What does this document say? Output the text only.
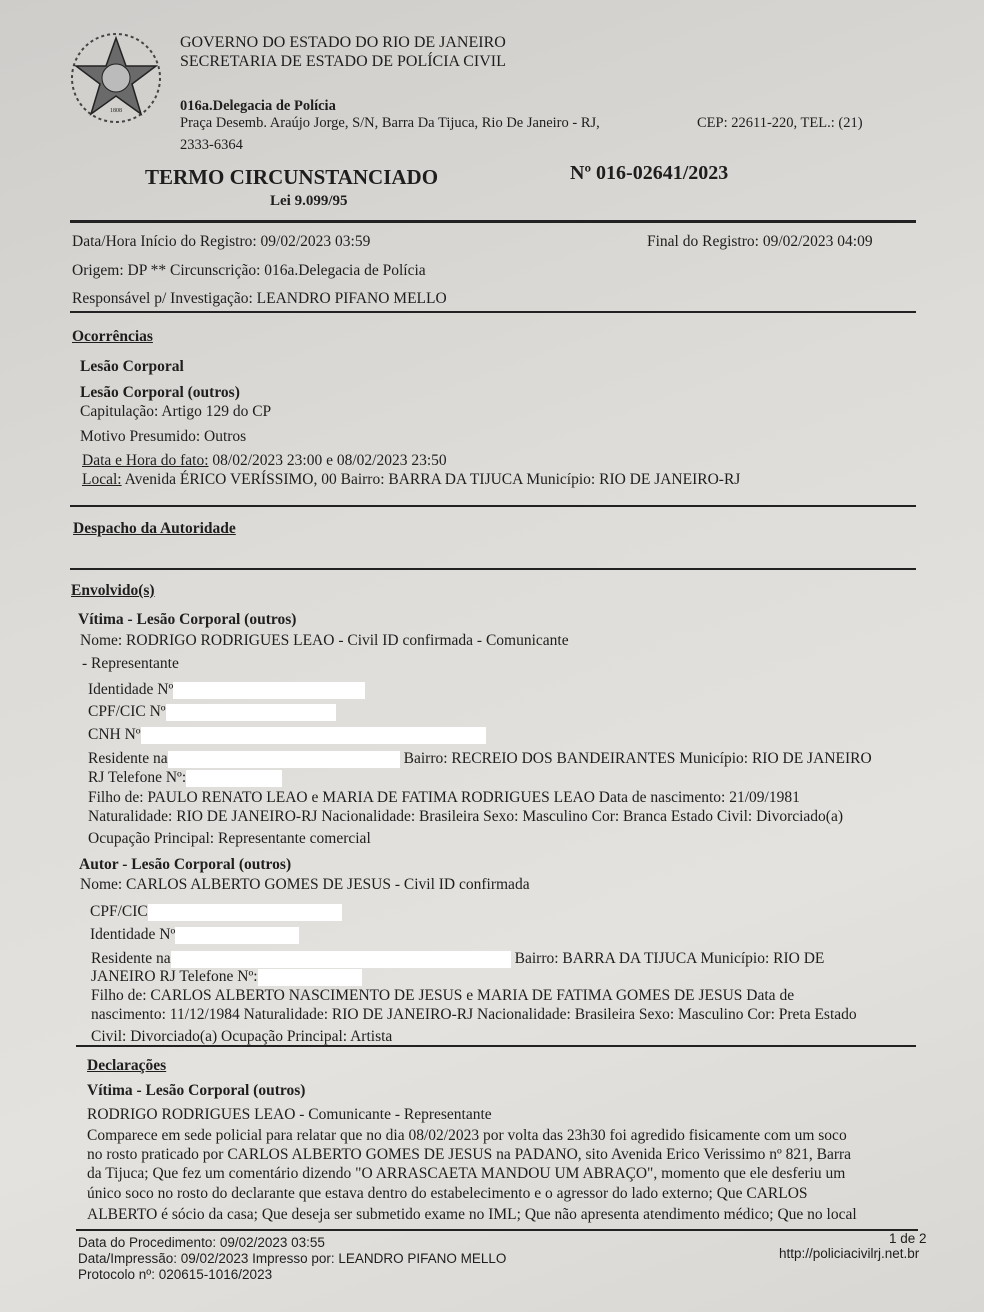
1808
GOVERNO DO ESTADO DO RIO DE JANEIRO
SECRETARIA DE ESTADO DE POLÍCIA CIVIL
016a.Delegacia de Polícia
Praça Desemb. Araújo Jorge, S/N, Barra Da Tijuca, Rio De Janeiro - RJ,	CEP: 22611-220, TEL.: (21)
2333-6364
TERMO CIRCUNSTANCIADO
Lei 9.099/95
Nº 016-02641/2023
Data/Hora Início do Registro: 09/02/2023 03:59	Final do Registro: 09/02/2023 04:09
Origem: DP ** Circunscrição: 016a.Delegacia de Polícia
Responsável p/ Investigação: LEANDRO PIFANO MELLO
Ocorrências
Lesão Corporal
Lesão Corporal (outros)
Capitulação: Artigo 129 do CP
Motivo Presumido: Outros
Data e Hora do fato: 08/02/2023 23:00 e 08/02/2023 23:50
Local: Avenida ÉRICO VERÍSSIMO, 00 Bairro: BARRA DA TIJUCA Município: RIO DE JANEIRO-RJ
Despacho da Autoridade
Envolvido(s)
Vítima - Lesão Corporal (outros)
Nome: RODRIGO RODRIGUES LEAO - Civil ID confirmada - Comunicante
- Representante
Identidade Nº
CPF/CIC Nº
CNH Nº
Residente na	Bairro: RECREIO DOS BANDEIRANTES Município: RIO DE JANEIRO
RJ Telefone Nº:
Filho de: PAULO RENATO LEAO e MARIA DE FATIMA RODRIGUES LEAO Data de nascimento: 21/09/1981
Naturalidade: RIO DE JANEIRO-RJ Nacionalidade: Brasileira Sexo: Masculino Cor: Branca Estado Civil: Divorciado(a)
Ocupação Principal: Representante comercial
Autor - Lesão Corporal (outros)
Nome: CARLOS ALBERTO GOMES DE JESUS - Civil ID confirmada
CPF/CIC
Identidade Nº
Residente na	Bairro: BARRA DA TIJUCA Município: RIO DE
JANEIRO RJ Telefone Nº:
Filho de: CARLOS ALBERTO NASCIMENTO DE JESUS e MARIA DE FATIMA GOMES DE JESUS Data de
nascimento: 11/12/1984 Naturalidade: RIO DE JANEIRO-RJ Nacionalidade: Brasileira Sexo: Masculino Cor: Preta Estado
Civil: Divorciado(a) Ocupação Principal: Artista
Declarações
Vítima - Lesão Corporal (outros)
RODRIGO RODRIGUES LEAO - Comunicante - Representante
Comparece em sede policial para relatar que no dia 08/02/2023 por volta das 23h30 foi agredido fisicamente com um soco
no rosto praticado por CARLOS ALBERTO GOMES DE JESUS na PADANO, sito Avenida Erico Verissimo nº 821, Barra
da Tijuca; Que fez um comentário dizendo "O ARRASCAETA MANDOU UM ABRAÇO", momento que ele desferiu um
único soco no rosto do declarante que estava dentro do estabelecimento e o agressor do lado externo; Que CARLOS
ALBERTO é sócio da casa; Que deseja ser submetido exame no IML; Que não apresenta atendimento médico; Que no local
Data do Procedimento: 09/02/2023 03:55
Data/Impressão: 09/02/2023 Impresso por: LEANDRO PIFANO MELLO
Protocolo nº: 020615-1016/2023
1 de 2
http://policiacivilrj.net.br
